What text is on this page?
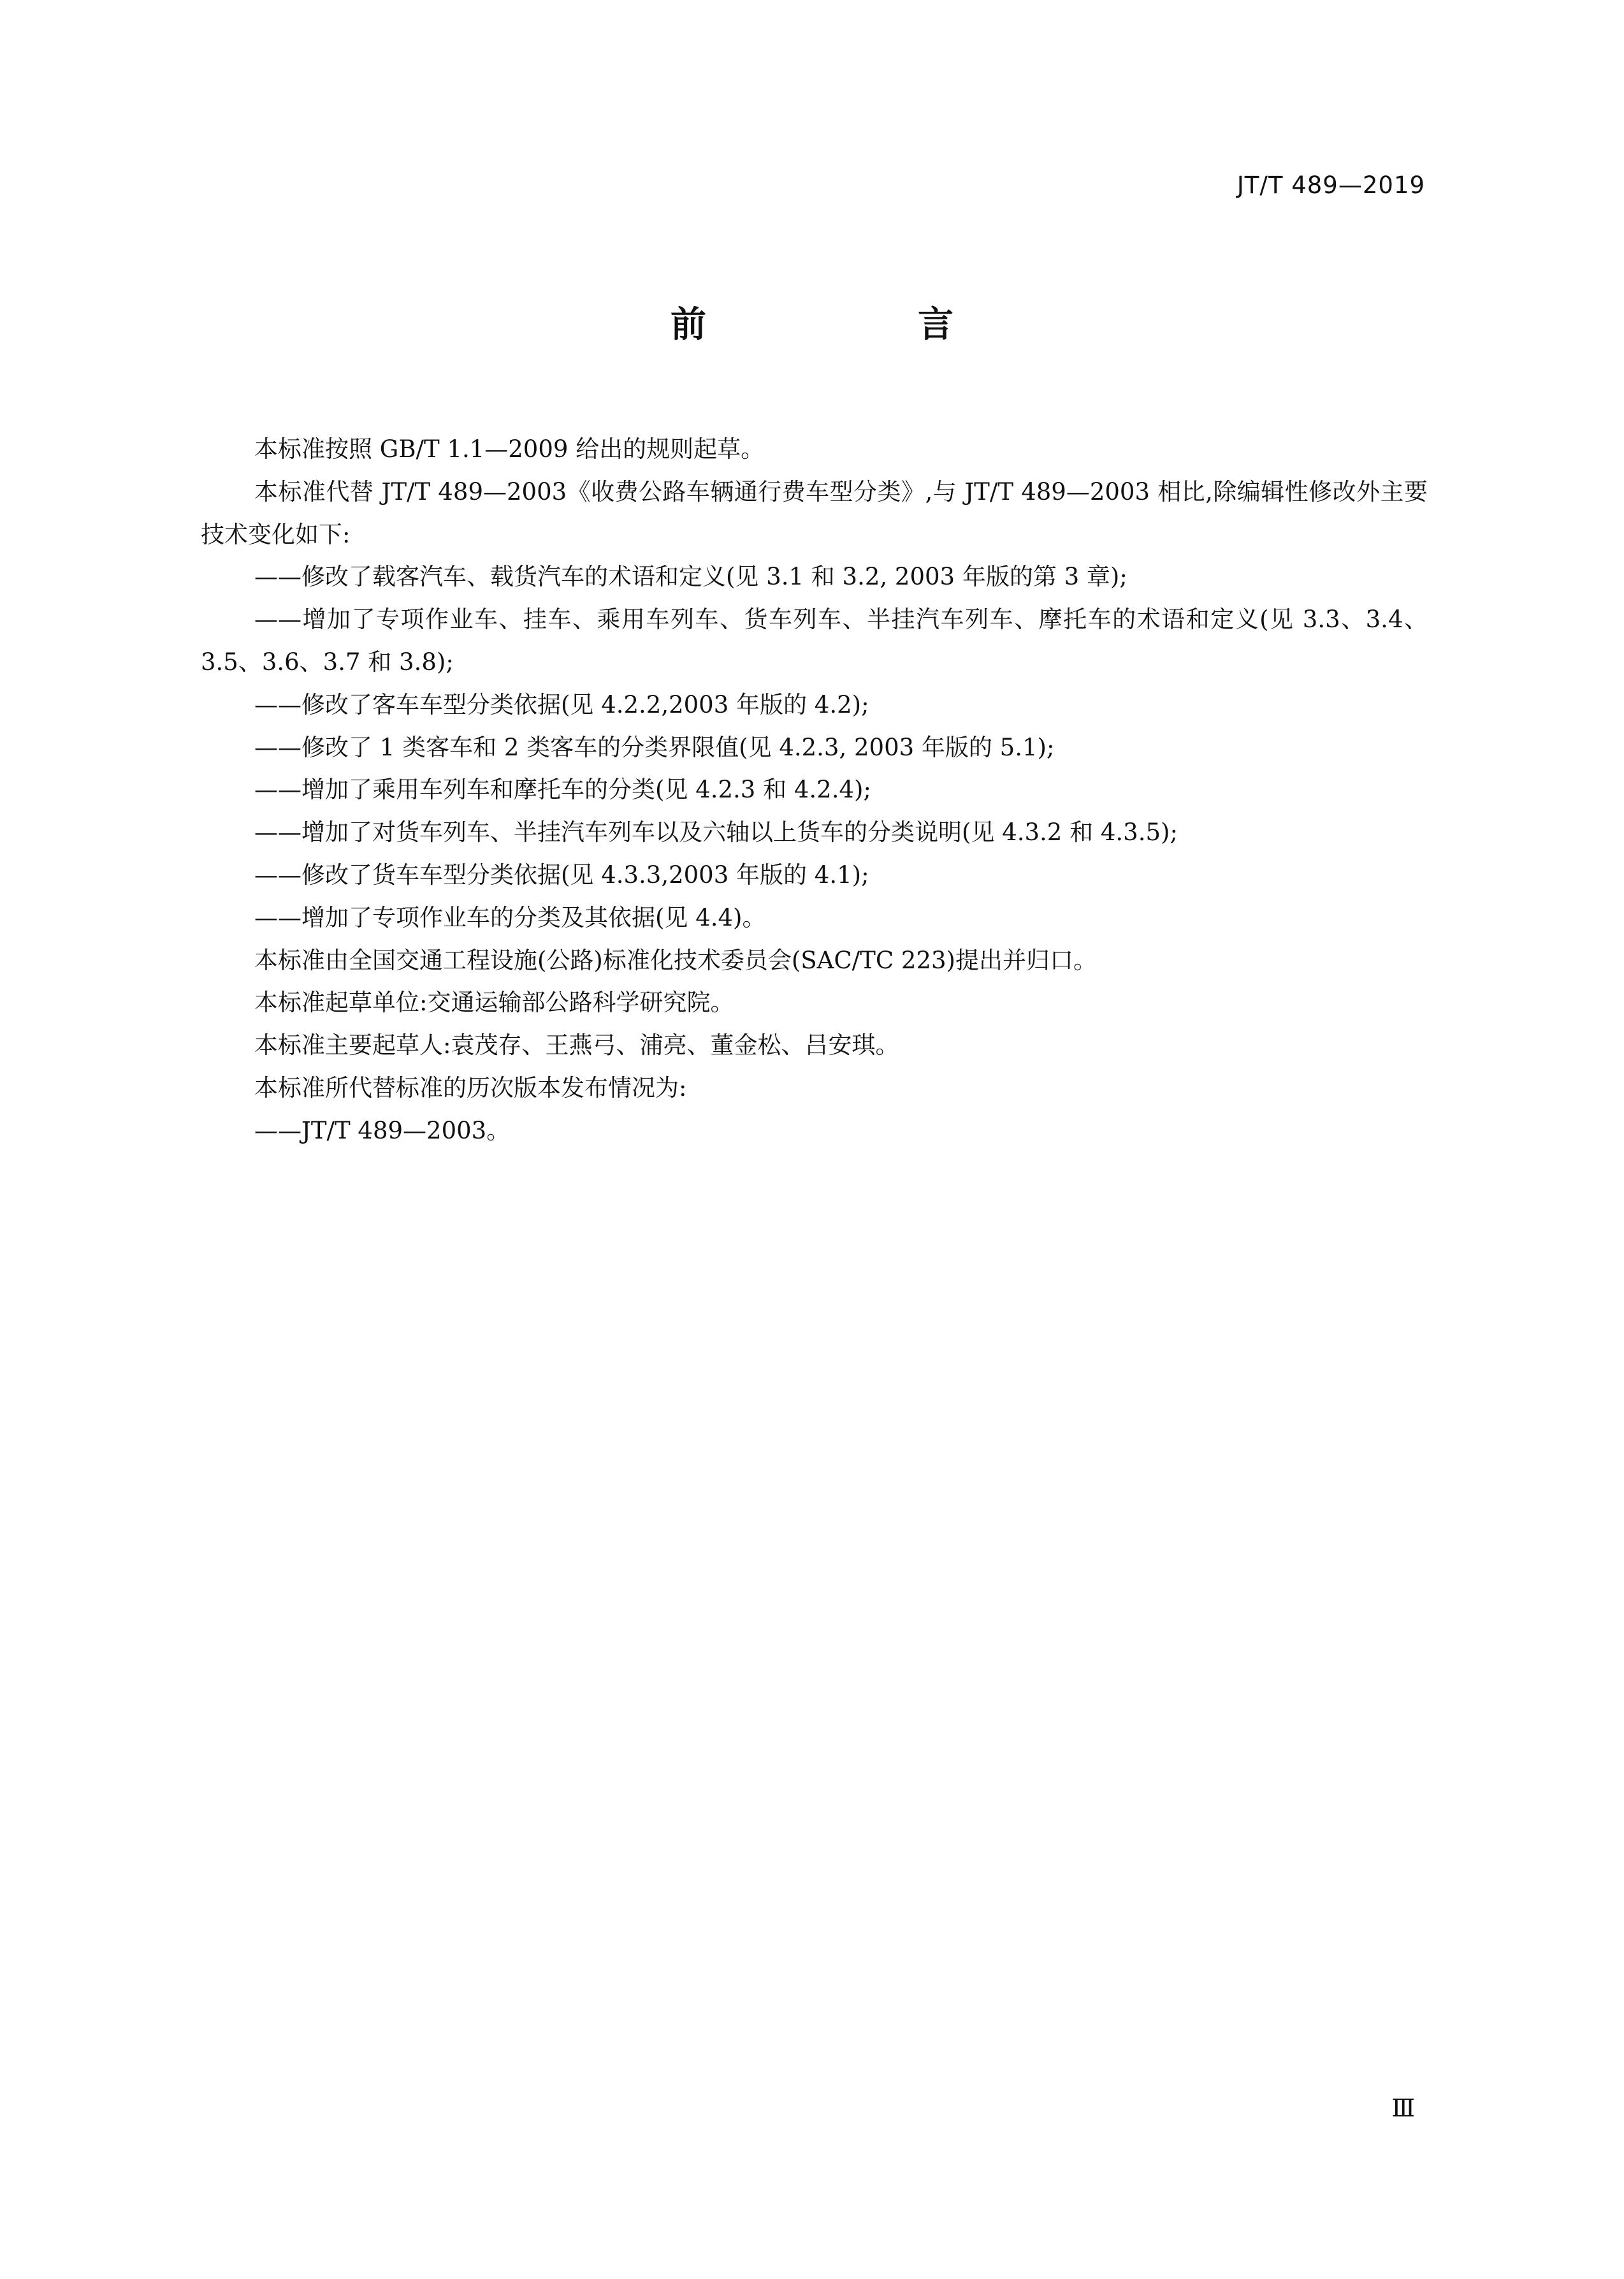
JT/T 489—2019
前　言

本标准按照 GB/T 1.1—2009 给出的规则起草。

本标准代替 JT/T 489—2003《收费公路车辆通行费车型分类》,与 JT/T 489—2003 相比,除编辑性修改外主要技术变化如下:

——修改了载客汽车、载货汽车的术语和定义(见 3.1 和 3.2, 2003 年版的第 3 章);

——增加了专项作业车、挂车、乘用车列车、货车列车、半挂汽车列车、摩托车的术语和定义(见 3.3、3.4、3.5、3.6、3.7 和 3.8);

——修改了客车车型分类依据(见 4.2.2,2003 年版的 4.2);

——修改了 1 类客车和 2 类客车的分类界限值(见 4.2.3, 2003 年版的 5.1);

——增加了乘用车列车和摩托车的分类(见 4.2.3 和 4.2.4);

——增加了对货车列车、半挂汽车列车以及六轴以上货车的分类说明(见 4.3.2 和 4.3.5);

——修改了货车车型分类依据(见 4.3.3,2003 年版的 4.1);

——增加了专项作业车的分类及其依据(见 4.4)。

本标准由全国交通工程设施(公路)标准化技术委员会(SAC/TC 223)提出并归口。

本标准起草单位:交通运输部公路科学研究院。

本标准主要起草人:袁茂存、王燕弓、浦亮、董金松、吕安琪。

本标准所代替标准的历次版本发布情况为:

——JT/T 489—2003。

Ⅲ
